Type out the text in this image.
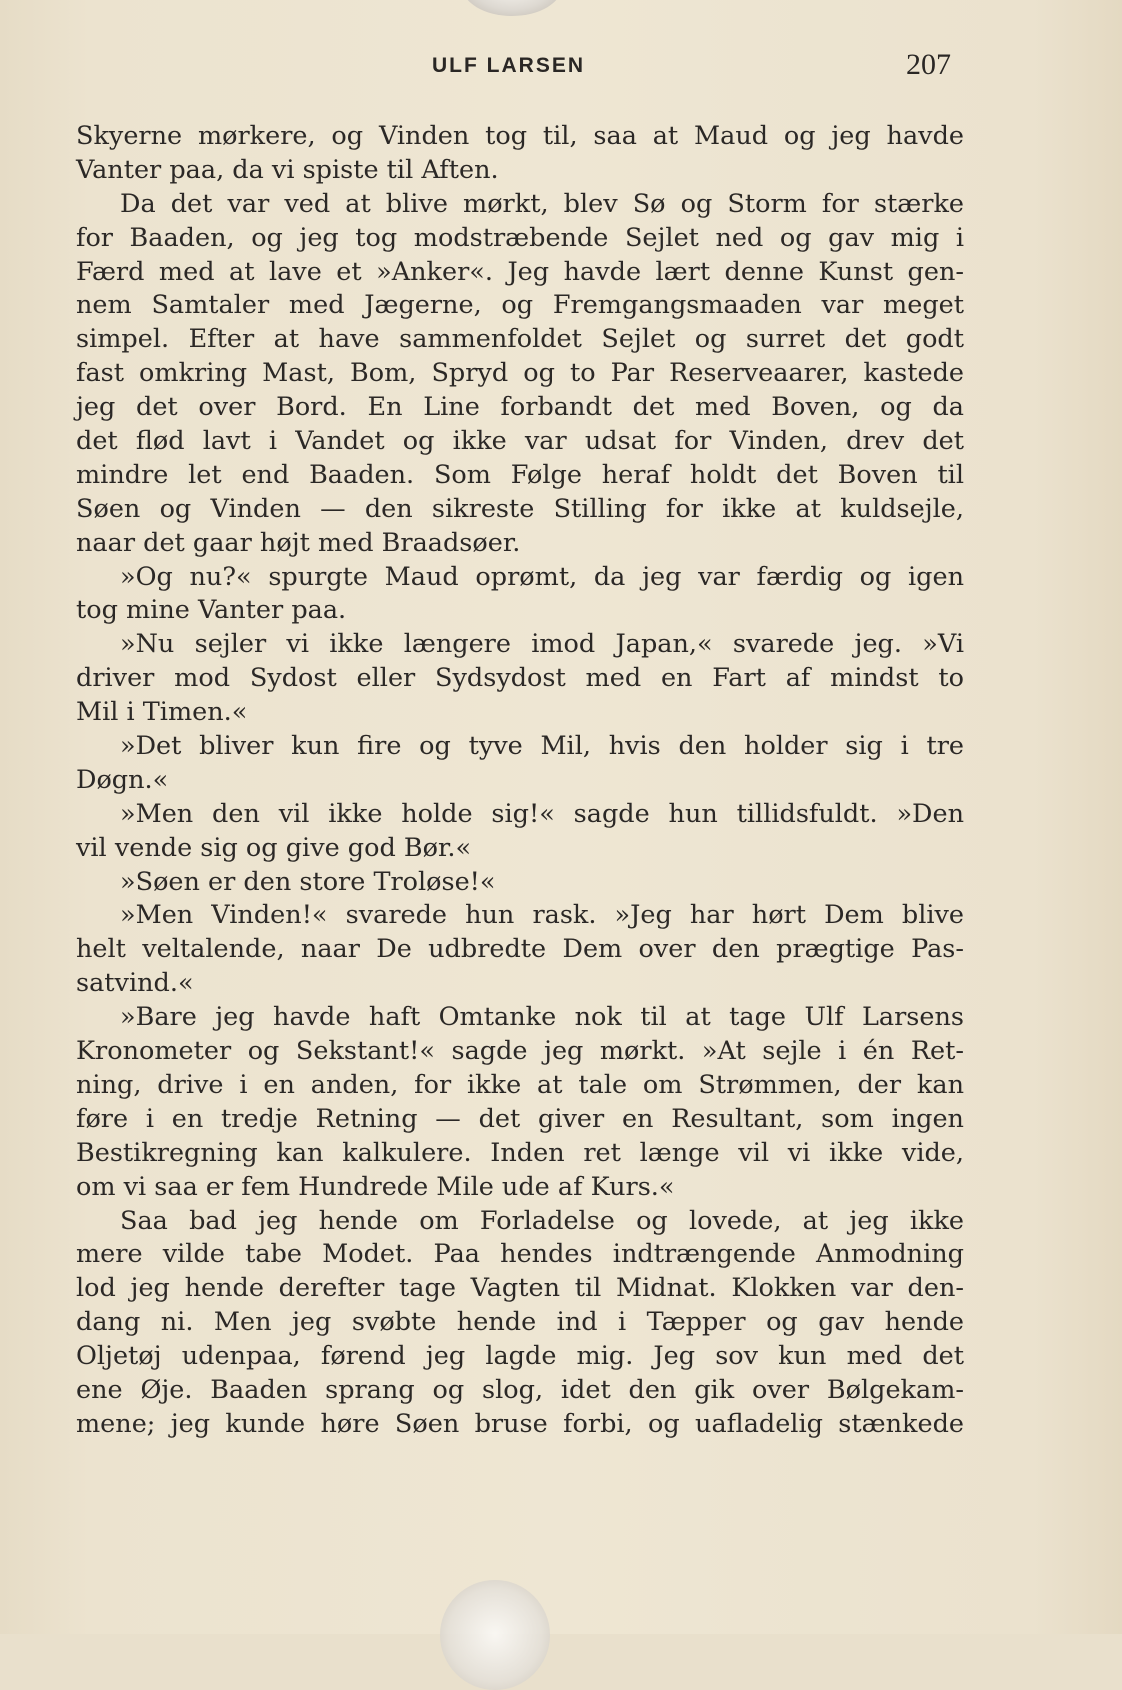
ULF LARSEN	207
Skyerne mørkere, og Vinden tog til, saa at Maud og jeg havde
Vanter paa, da vi spiste til Aften.
Da det var ved at blive mørkt, blev Sø og Storm for stærke
for Baaden, og jeg tog modstræbende Sejlet ned og gav mig i
Færd med at lave et »Anker«. Jeg havde lært denne Kunst gen-
nem Samtaler med Jægerne, og Fremgangsmaaden var meget
simpel. Efter at have sammenfoldet Sejlet og surret det godt
fast omkring Mast, Bom, Spryd og to Par Reserveaarer, kastede
jeg det over Bord. En Line forbandt det med Boven, og da
det flød lavt i Vandet og ikke var udsat for Vinden, drev det
mindre let end Baaden. Som Følge heraf holdt det Boven til
Søen og Vinden — den sikreste Stilling for ikke at kuldsejle,
naar det gaar højt med Braadsøer.
»Og nu?« spurgte Maud oprømt, da jeg var færdig og igen
tog mine Vanter paa.
»Nu sejler vi ikke længere imod Japan,« svarede jeg. »Vi
driver mod Sydost eller Sydsydost med en Fart af mindst to
Mil i Timen.«
»Det bliver kun fire og tyve Mil, hvis den holder sig i tre
Døgn.«
»Men den vil ikke holde sig!« sagde hun tillidsfuldt. »Den
vil vende sig og give god Bør.«
»Søen er den store Troløse!«
»Men Vinden!« svarede hun rask. »Jeg har hørt Dem blive
helt veltalende, naar De udbredte Dem over den prægtige Pas-
satvind.«
»Bare jeg havde haft Omtanke nok til at tage Ulf Larsens
Kronometer og Sekstant!« sagde jeg mørkt. »At sejle i én Ret-
ning, drive i en anden, for ikke at tale om Strømmen, der kan
føre i en tredje Retning — det giver en Resultant, som ingen
Bestikregning kan kalkulere. Inden ret længe vil vi ikke vide,
om vi saa er fem Hundrede Mile ude af Kurs.«
Saa bad jeg hende om Forladelse og lovede, at jeg ikke
mere vilde tabe Modet. Paa hendes indtrængende Anmodning
lod jeg hende derefter tage Vagten til Midnat. Klokken var den-
dang ni. Men jeg svøbte hende ind i Tæpper og gav hende
Oljetøj udenpaa, førend jeg lagde mig. Jeg sov kun med det
ene Øje. Baaden sprang og slog, idet den gik over Bølgekam-
mene; jeg kunde høre Søen bruse forbi, og uafladelig stænkede
